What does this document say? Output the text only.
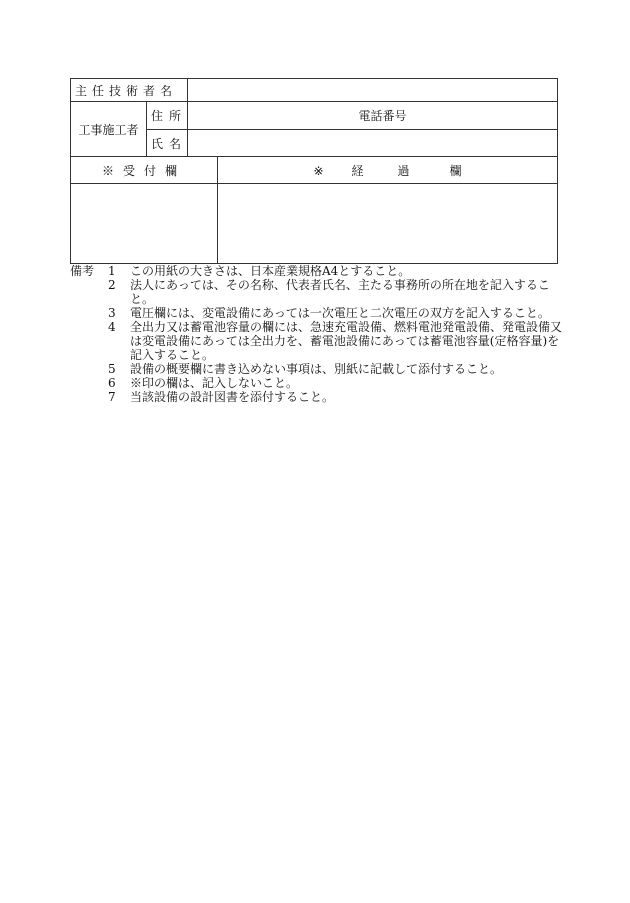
主任技術者名			
工事施工者	住所	電話番号	

	氏名		
※受付欄			※ 経 過 欄

備考	1	この用紙の大きさは、日本産業規格A4とすること。
2	法人にあっては、その名称、代表者氏名、主たる事務所の所在地を記入すること。
3	電圧欄には、変電設備にあっては一次電圧と二次電圧の双方を記入すること。
4	全出力又は蓄電池容量の欄には、急速充電設備、燃料電池発電設備、発電設備又は変電設備にあっては全出力を、蓄電池設備にあっては蓄電池容量(定格容量)を記入すること。
5	設備の概要欄に書き込めない事項は、別紙に記載して添付すること。
6	※印の欄は、記入しないこと。
7	当該設備の設計図書を添付すること。
